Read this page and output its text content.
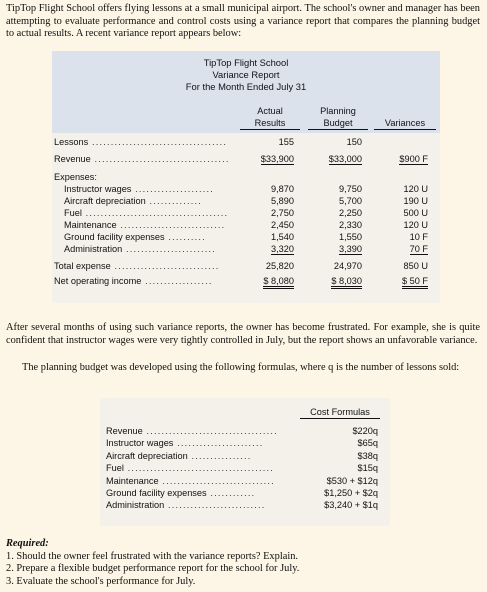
TipTop Flight School offers flying lessons at a small municipal airport. The school's owner and manager has been attempting to evaluate performance and control costs using a variance report that compares the planning budget to actual results. A recent variance report appears below:
TipTop Flight School
Variance Report
For the Month Ended July 31
Actual
Results
Planning
Budget	Variances
Lessons ....................................	155	150
Revenue ....................................	$33,900	$33,000	$900 F
Expenses:
Instructor wages .....................	9,870	9,750	120 U
Aircraft depreciation ..............	5,890	5,700	190 U
Fuel ......................................	2,750	2,250	500 U
Maintenance ............................	2,450	2,330	120 U
Ground facility expenses ..........	1,540	1,550	10 F
Administration ........................	3,320	3,390	70 F
Total expense ............................	25,820	24,970	850 U
Net operating income ..................	$ 8,080	$ 8,030	$ 50 F
After several months of using such variance reports, the owner has become frustrated. For example, she is quite confident that instructor wages were very tightly controlled in July, but the report shows an unfavorable variance.
The planning budget was developed using the following formulas, where q is the number of lessons sold:
Cost Formulas
Revenue ...................................	$220q
Instructor wages .......................	$65q
Aircraft depreciation ................	$38q
Fuel .......................................	$15q
Maintenance ..............................	$530 + $12q
Ground facility expenses ............	$1,250 + $2q
Administration ..........................	$3,240 + $1q
Required:
1. Should the owner feel frustrated with the variance reports? Explain.
2. Prepare a flexible budget performance report for the school for July.
3. Evaluate the school's performance for July.
